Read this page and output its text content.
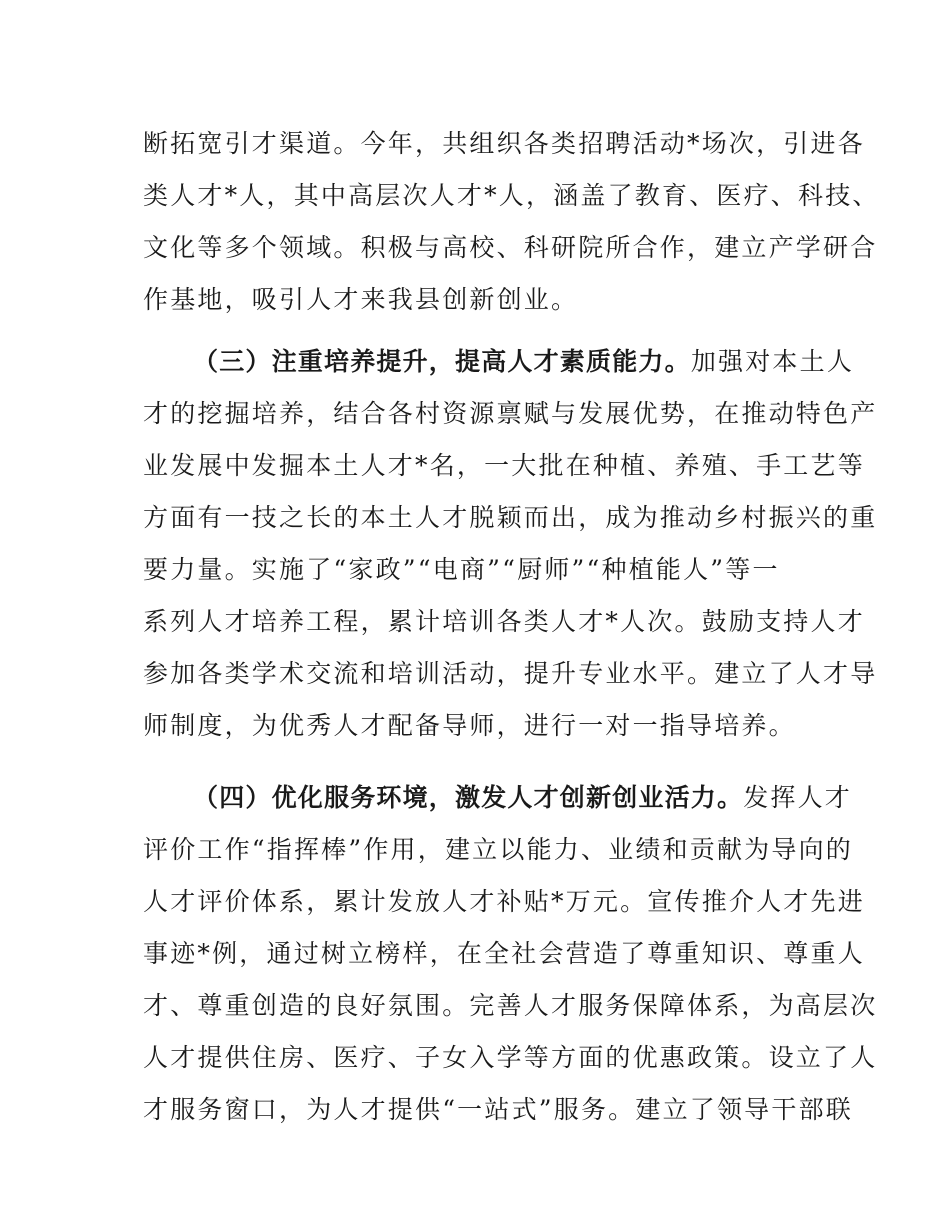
断拓宽引才渠道。今年，共组织各类招聘活动*场次，引进各
类人才*人，其中高层次人才*人，涵盖了教育、医疗、科技、
文化等多个领域。积极与高校、科研院所合作，建立产学研合
作基地，吸引人才来我县创新创业。
（三）注重培养提升，提高人才素质能力。加强对本土人
才的挖掘培养，结合各村资源禀赋与发展优势，在推动特色产
业发展中发掘本土人才*名，一大批在种植、养殖、手工艺等
方面有一技之长的本土人才脱颖而出，成为推动乡村振兴的重
要力量。实施了“家政”“电商”“厨师”“种植能人”等一
系列人才培养工程，累计培训各类人才*人次。鼓励支持人才
参加各类学术交流和培训活动，提升专业水平。建立了人才导
师制度，为优秀人才配备导师，进行一对一指导培养。
（四）优化服务环境，激发人才创新创业活力。发挥人才
评价工作“指挥棒”作用，建立以能力、业绩和贡献为导向的
人才评价体系，累计发放人才补贴*万元。宣传推介人才先进
事迹*例，通过树立榜样，在全社会营造了尊重知识、尊重人
才、尊重创造的良好氛围。完善人才服务保障体系，为高层次
人才提供住房、医疗、子女入学等方面的优惠政策。设立了人
才服务窗口，为人才提供“一站式”服务。建立了领导干部联
